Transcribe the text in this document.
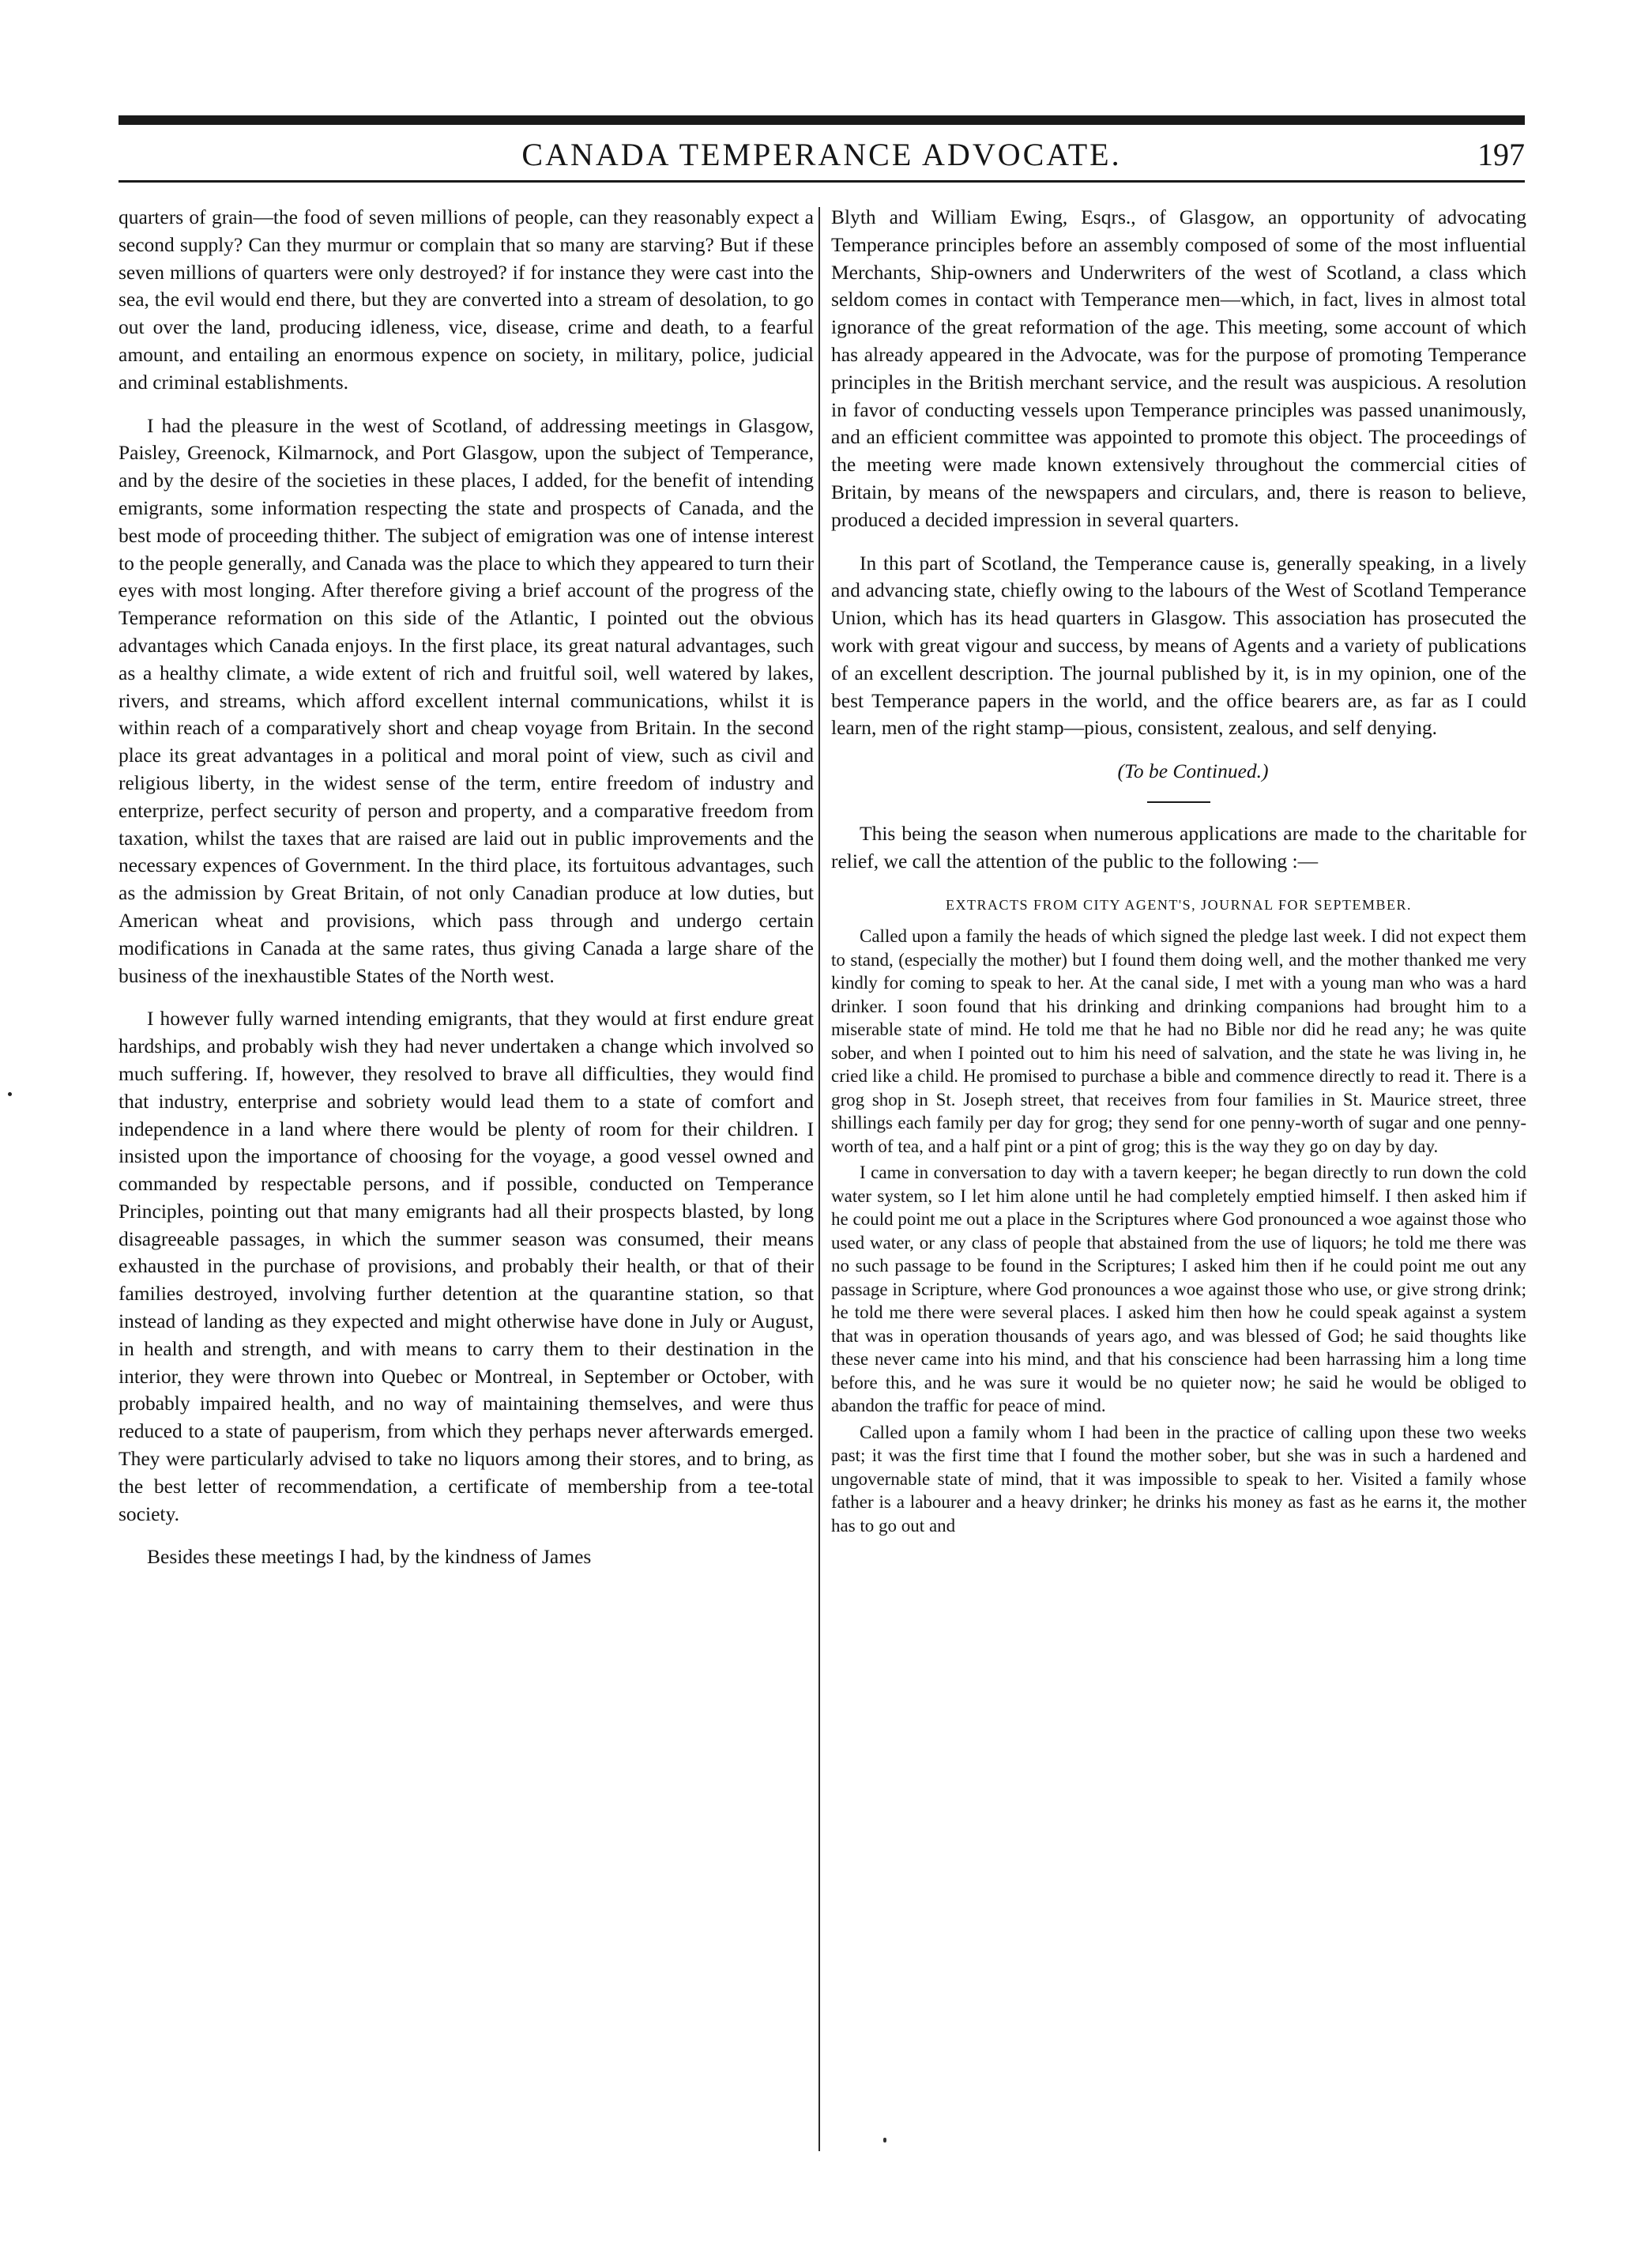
CANADA TEMPERANCE ADVOCATE.	197

quarters of grain—the food of seven millions of people, can they reasonably expect a second supply? Can they murmur or complain that so many are starving? But if these seven millions of quarters were only destroyed? if for instance they were cast into the sea, the evil would end there, but they are converted into a stream of desolation, to go out over the land, producing idleness, vice, disease, crime and death, to a fearful amount, and entailing an enormous expence on society, in military, police, judicial and criminal establishments.

I had the pleasure in the west of Scotland, of addressing meetings in Glasgow, Paisley, Greenock, Kilmarnock, and Port Glasgow, upon the subject of Temperance, and by the desire of the societies in these places, I added, for the benefit of intending emigrants, some information respecting the state and prospects of Canada, and the best mode of proceeding thither. The subject of emigration was one of intense interest to the people generally, and Canada was the place to which they appeared to turn their eyes with most longing. After therefore giving a brief account of the progress of the Temperance reformation on this side of the Atlantic, I pointed out the obvious advantages which Canada enjoys. In the first place, its great natural advantages, such as a healthy climate, a wide extent of rich and fruitful soil, well watered by lakes, rivers, and streams, which afford excellent internal communications, whilst it is within reach of a comparatively short and cheap voyage from Britain. In the second place its great advantages in a political and moral point of view, such as civil and religious liberty, in the widest sense of the term, entire freedom of industry and enterprize, perfect security of person and property, and a comparative freedom from taxation, whilst the taxes that are raised are laid out in public improvements and the necessary expences of Government. In the third place, its fortuitous advantages, such as the admission by Great Britain, of not only Canadian produce at low duties, but American wheat and provisions, which pass through and undergo certain modifications in Canada at the same rates, thus giving Canada a large share of the business of the inexhaustible States of the North west.

I however fully warned intending emigrants, that they would at first endure great hardships, and probably wish they had never undertaken a change which involved so much suffering. If, however, they resolved to brave all difficulties, they would find that industry, enterprise and sobriety would lead them to a state of comfort and independence in a land where there would be plenty of room for their children. I insisted upon the importance of choosing for the voyage, a good vessel owned and commanded by respectable persons, and if possible, conducted on Temperance Principles, pointing out that many emigrants had all their prospects blasted, by long disagreeable passages, in which the summer season was consumed, their means exhausted in the purchase of provisions, and probably their health, or that of their families destroyed, involving further detention at the quarantine station, so that instead of landing as they expected and might otherwise have done in July or August, in health and strength, and with means to carry them to their destination in the interior, they were thrown into Quebec or Montreal, in September or October, with probably impaired health, and no way of maintaining themselves, and were thus reduced to a state of pauperism, from which they perhaps never afterwards emerged. They were particularly advised to take no liquors among their stores, and to bring, as the best letter of recommendation, a certificate of membership from a tee-total society.

Besides these meetings I had, by the kindness of James

Blyth and William Ewing, Esqrs., of Glasgow, an opportunity of advocating Temperance principles before an assembly composed of some of the most influential Merchants, Ship-owners and Underwriters of the west of Scotland, a class which seldom comes in contact with Temperance men—which, in fact, lives in almost total ignorance of the great reformation of the age. This meeting, some account of which has already appeared in the Advocate, was for the purpose of promoting Temperance principles in the British merchant service, and the result was auspicious. A resolution in favor of conducting vessels upon Temperance principles was passed unanimously, and an efficient committee was appointed to promote this object. The proceedings of the meeting were made known extensively throughout the commercial cities of Britain, by means of the newspapers and circulars, and, there is reason to believe, produced a decided impression in several quarters.

In this part of Scotland, the Temperance cause is, generally speaking, in a lively and advancing state, chiefly owing to the labours of the West of Scotland Temperance Union, which has its head quarters in Glasgow. This association has prosecuted the work with great vigour and success, by means of Agents and a variety of publications of an excellent description. The journal published by it, is in my opinion, one of the best Temperance papers in the world, and the office bearers are, as far as I could learn, men of the right stamp—pious, consistent, zealous, and self denying.

(To be Continued.)

This being the season when numerous applications are made to the charitable for relief, we call the attention of the public to the following :—

EXTRACTS FROM CITY AGENT'S, JOURNAL FOR SEPTEMBER.

Called upon a family the heads of which signed the pledge last week. I did not expect them to stand, (especially the mother) but I found them doing well, and the mother thanked me very kindly for coming to speak to her. At the canal side, I met with a young man who was a hard drinker. I soon found that his drinking and drinking companions had brought him to a miserable state of mind. He told me that he had no Bible nor did he read any; he was quite sober, and when I pointed out to him his need of salvation, and the state he was living in, he cried like a child. He promised to purchase a bible and commence directly to read it. There is a grog shop in St. Joseph street, that receives from four families in St. Maurice street, three shillings each family per day for grog; they send for one penny-worth of sugar and one penny-worth of tea, and a half pint or a pint of grog; this is the way they go on day by day.

I came in conversation to day with a tavern keeper; he began directly to run down the cold water system, so I let him alone until he had completely emptied himself. I then asked him if he could point me out a place in the Scriptures where God pronounced a woe against those who used water, or any class of people that abstained from the use of liquors; he told me there was no such passage to be found in the Scriptures; I asked him then if he could point me out any passage in Scripture, where God pronounces a woe against those who use, or give strong drink; he told me there were several places. I asked him then how he could speak against a system that was in operation thousands of years ago, and was blessed of God; he said thoughts like these never came into his mind, and that his conscience had been harrassing him a long time before this, and he was sure it would be no quieter now; he said he would be obliged to abandon the traffic for peace of mind.

Called upon a family whom I had been in the practice of calling upon these two weeks past; it was the first time that I found the mother sober, but she was in such a hardened and ungovernable state of mind, that it was impossible to speak to her. Visited a family whose father is a labourer and a heavy drinker; he drinks his money as fast as he earns it, the mother has to go out and
